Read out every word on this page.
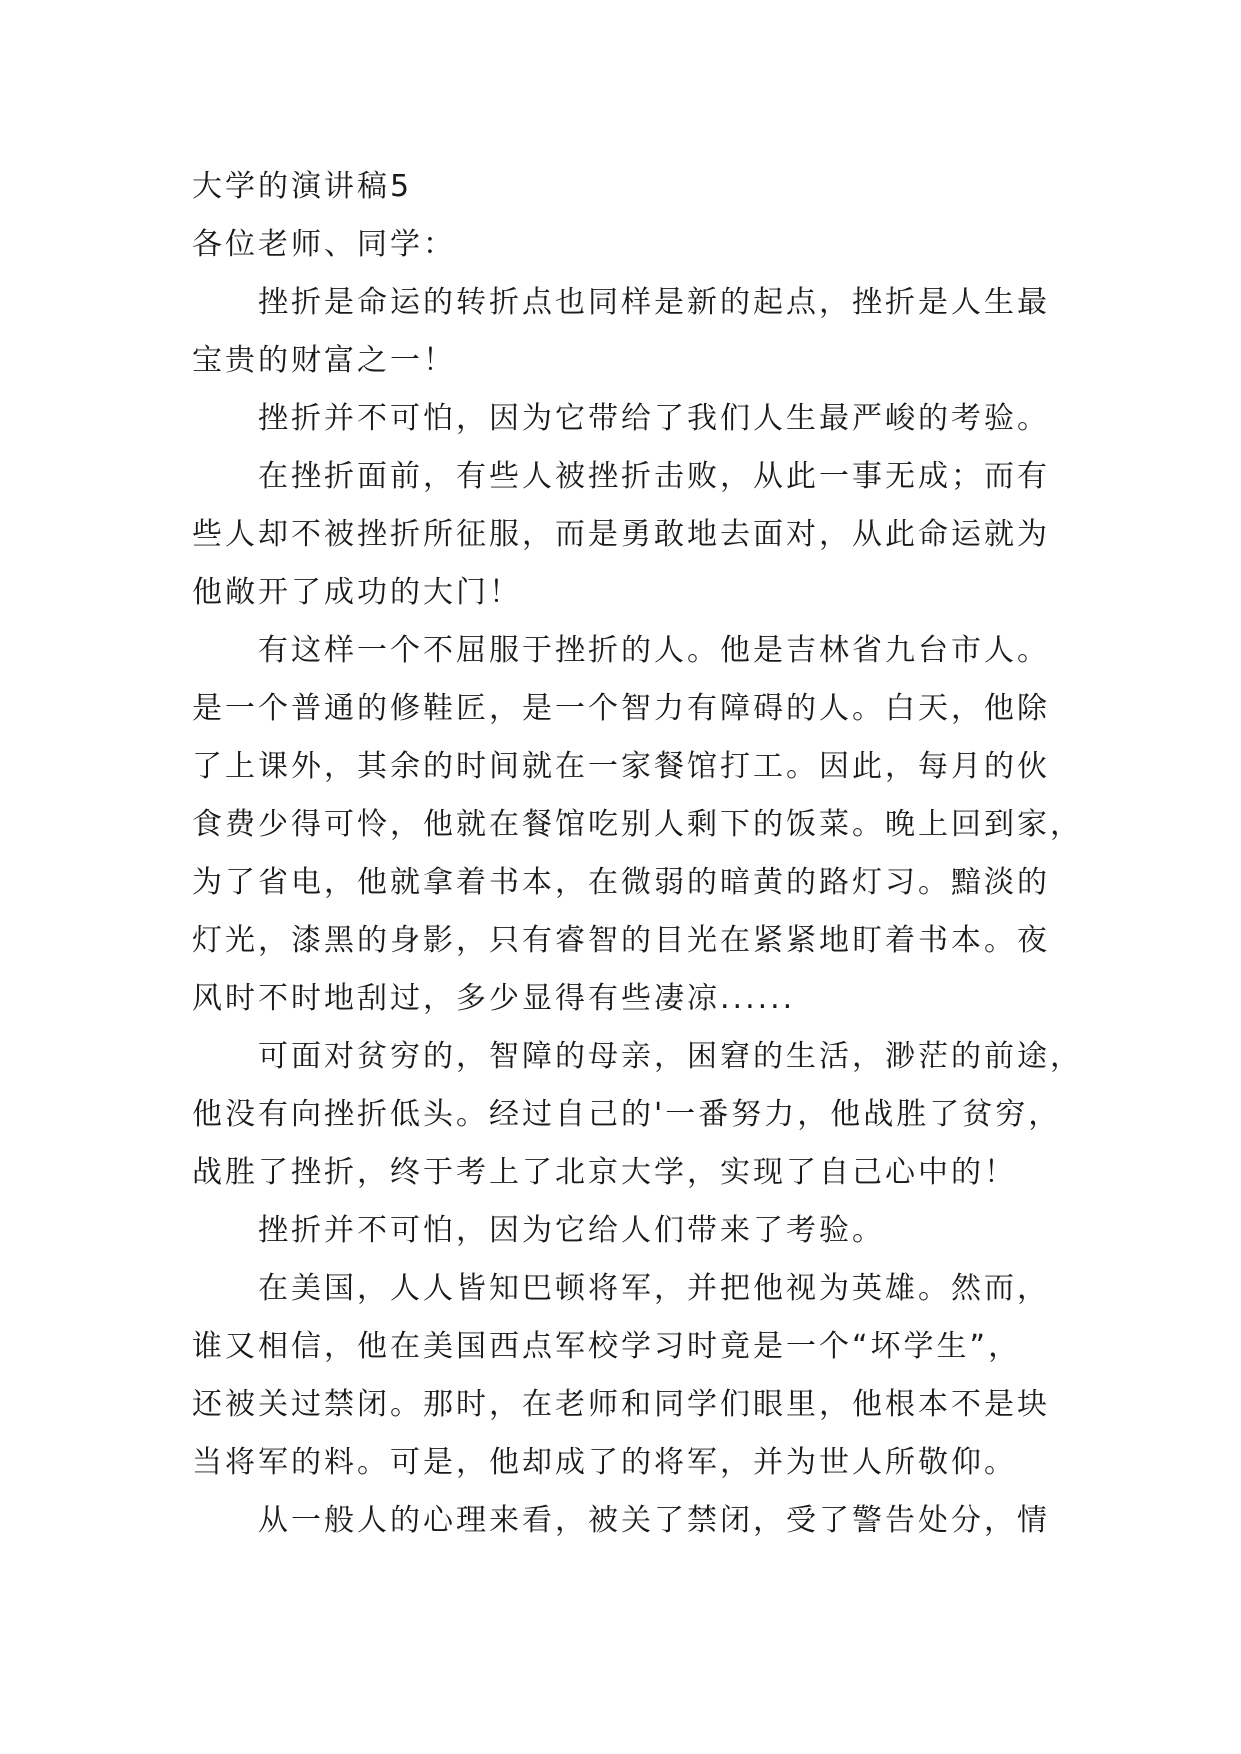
大学的演讲稿5
各位老师、同学：
挫折是命运的转折点也同样是新的起点，挫折是人生最
宝贵的财富之一！
挫折并不可怕，因为它带给了我们人生最严峻的考验。
在挫折面前，有些人被挫折击败，从此一事无成；而有
些人却不被挫折所征服，而是勇敢地去面对，从此命运就为
他敞开了成功的大门！
有这样一个不屈服于挫折的人。他是吉林省九台市人。
是一个普通的修鞋匠，是一个智力有障碍的人。白天，他除
了上课外，其余的时间就在一家餐馆打工。因此，每月的伙
食费少得可怜，他就在餐馆吃别人剩下的饭菜。晚上回到家，
为了省电，他就拿着书本，在微弱的暗黄的路灯习。黯淡的
灯光，漆黑的身影，只有睿智的目光在紧紧地盯着书本。夜
风时不时地刮过，多少显得有些凄凉......
可面对贫穷的，智障的母亲，困窘的生活，渺茫的前途，
他没有向挫折低头。经过自己的'一番努力，他战胜了贫穷，
战胜了挫折，终于考上了北京大学，实现了自己心中的！
挫折并不可怕，因为它给人们带来了考验。
在美国，人人皆知巴顿将军，并把他视为英雄。然而，
谁又相信，他在美国西点军校学习时竟是一个“坏学生”，
还被关过禁闭。那时，在老师和同学们眼里，他根本不是块
当将军的料。可是，他却成了的将军，并为世人所敬仰。
从一般人的心理来看，被关了禁闭，受了警告处分，情
